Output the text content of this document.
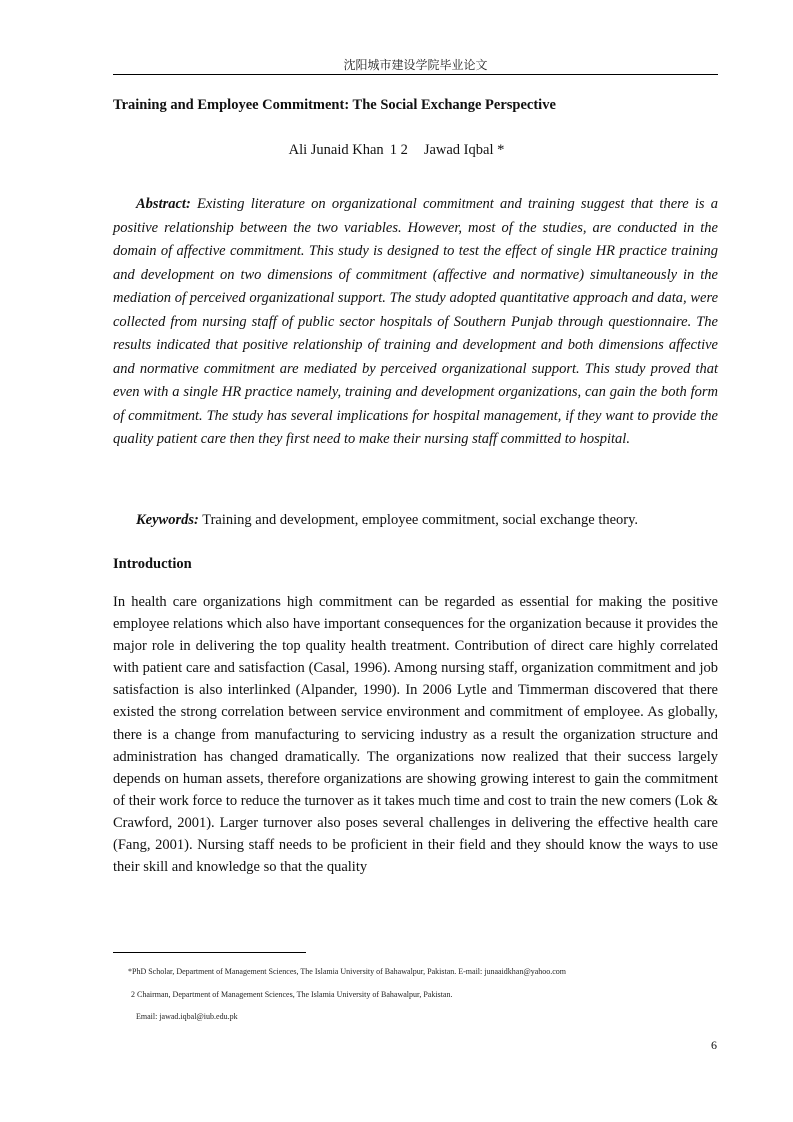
沈阳城市建设学院毕业论文
Training and Employee Commitment: The Social Exchange Perspective
Ali Junaid Khan 1 2 Jawad Iqbal *

Abstract: Existing literature on organizational commitment and training suggest that there is a positive relationship between the two variables. However, most of the studies, are conducted in the domain of affective commitment. This study is designed to test the effect of single HR practice training and development on two dimensions of commitment (affective and normative) simultaneously in the mediation of perceived organizational support. The study adopted quantitative approach and data, were collected from nursing staff of public sector hospitals of Southern Punjab through questionnaire. The results indicated that positive relationship of training and development and both dimensions affective and normative commitment are mediated by perceived organizational support. This study proved that even with a single HR practice namely, training and development organizations, can gain the both form of commitment. The study has several implications for hospital management, if they want to provide the quality patient care then they first need to make their nursing staff committed to hospital.

Keywords: Training and development, employee commitment, social exchange theory.
Introduction

In health care organizations high commitment can be regarded as essential for making the positive employee relations which also have important consequences for the organization because it provides the major role in delivering the top quality health treatment. Contribution of direct care highly correlated with patient care and satisfaction (Casal, 1996). Among nursing staff, organization commitment and job satisfaction is also interlinked (Alpander, 1990). In 2006 Lytle and Timmerman discovered that there existed the strong correlation between service environment and commitment of employee. As globally, there is a change from manufacturing to servicing industry as a result the organization structure and administration has changed dramatically. The organizations now realized that their success largely depends on human assets, therefore organizations are showing growing interest to gain the commitment of their work force to reduce the turnover as it takes much time and cost to train the new comers (Lok & Crawford, 2001). Larger turnover also poses several challenges in delivering the effective health care (Fang, 2001). Nursing staff needs to be proficient in their field and they should know the ways to use their skill and knowledge so that the quality

*PhD Scholar, Department of Management Sciences, The Islamia University of Bahawalpur, Pakistan. E-mail: junaaidkhan@yahoo.com
2 Chairman, Department of Management Sciences, The Islamia University of Bahawalpur, Pakistan.
Email: jawad.iqbal@iub.edu.pk
6
